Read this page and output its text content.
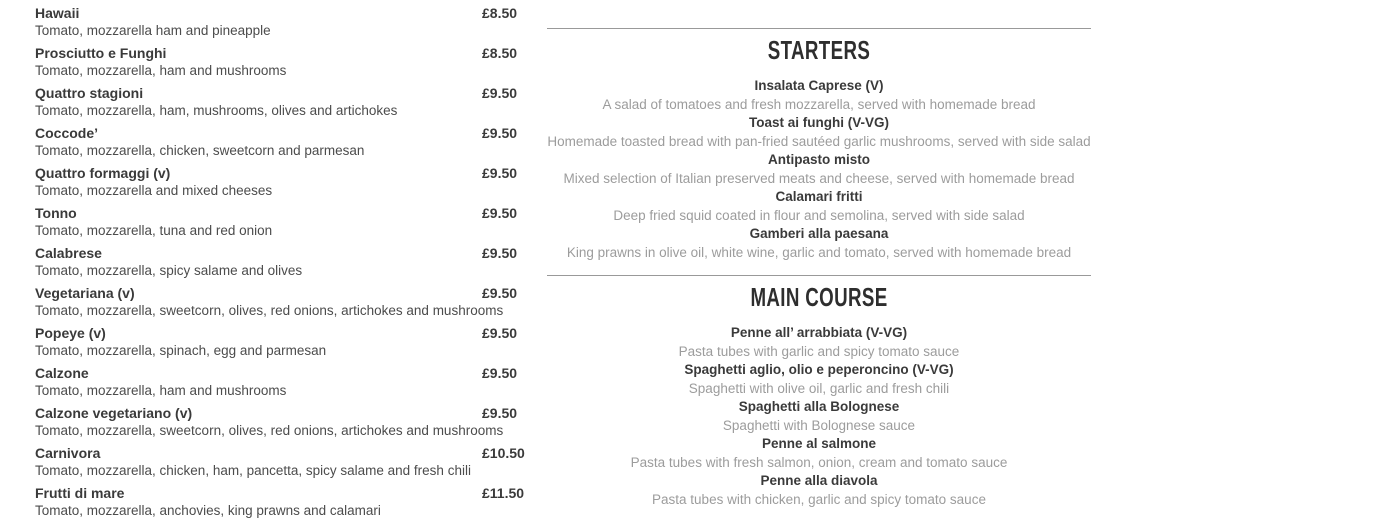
Hawaii
Tomato, mozzarella ham and pineapple
£8.50
Prosciutto e Funghi
Tomato, mozzarella, ham and mushrooms
£8.50
Quattro stagioni
Tomato, mozzarella, ham, mushrooms, olives and artichokes
£9.50
Coccode’
Tomato, mozzarella, chicken, sweetcorn and parmesan
£9.50
Quattro formaggi (v)
Tomato, mozzarella and mixed cheeses
£9.50
Tonno
Tomato, mozzarella, tuna and red onion
£9.50
Calabrese
Tomato, mozzarella, spicy salame and olives
£9.50
Vegetariana (v)
Tomato, mozzarella, sweetcorn, olives, red onions, artichokes and mushrooms
£9.50
Popeye (v)
Tomato, mozzarella, spinach, egg and parmesan
£9.50
Calzone
Tomato, mozzarella, ham and mushrooms
£9.50
Calzone vegetariano (v)
Tomato, mozzarella, sweetcorn, olives, red onions, artichokes and mushrooms
£9.50
Carnivora
Tomato, mozzarella, chicken, ham, pancetta, spicy salame and fresh chili
£10.50
Frutti di mare
Tomato, mozzarella, anchovies, king prawns and calamari
£11.50
STARTERS
Insalata Caprese (V)
A salad of tomatoes and fresh mozzarella, served with homemade bread
Toast ai funghi (V-VG)
Homemade toasted bread with pan-fried sautéed garlic mushrooms, served with side salad
Antipasto misto
Mixed selection of Italian preserved meats and cheese, served with homemade bread
Calamari fritti
Deep fried squid coated in flour and semolina, served with side salad
Gamberi alla paesana
King prawns in olive oil, white wine, garlic and tomato, served with homemade bread
MAIN COURSE
Penne all’ arrabbiata (V-VG)
Pasta tubes with garlic and spicy tomato sauce
Spaghetti aglio, olio e peperoncino (V-VG)
Spaghetti with olive oil, garlic and fresh chili
Spaghetti alla Bolognese
Spaghetti with Bolognese sauce
Penne al salmone
Pasta tubes with fresh salmon, onion, cream and tomato sauce
Penne alla diavola
Pasta tubes with chicken, garlic and spicy tomato sauce
